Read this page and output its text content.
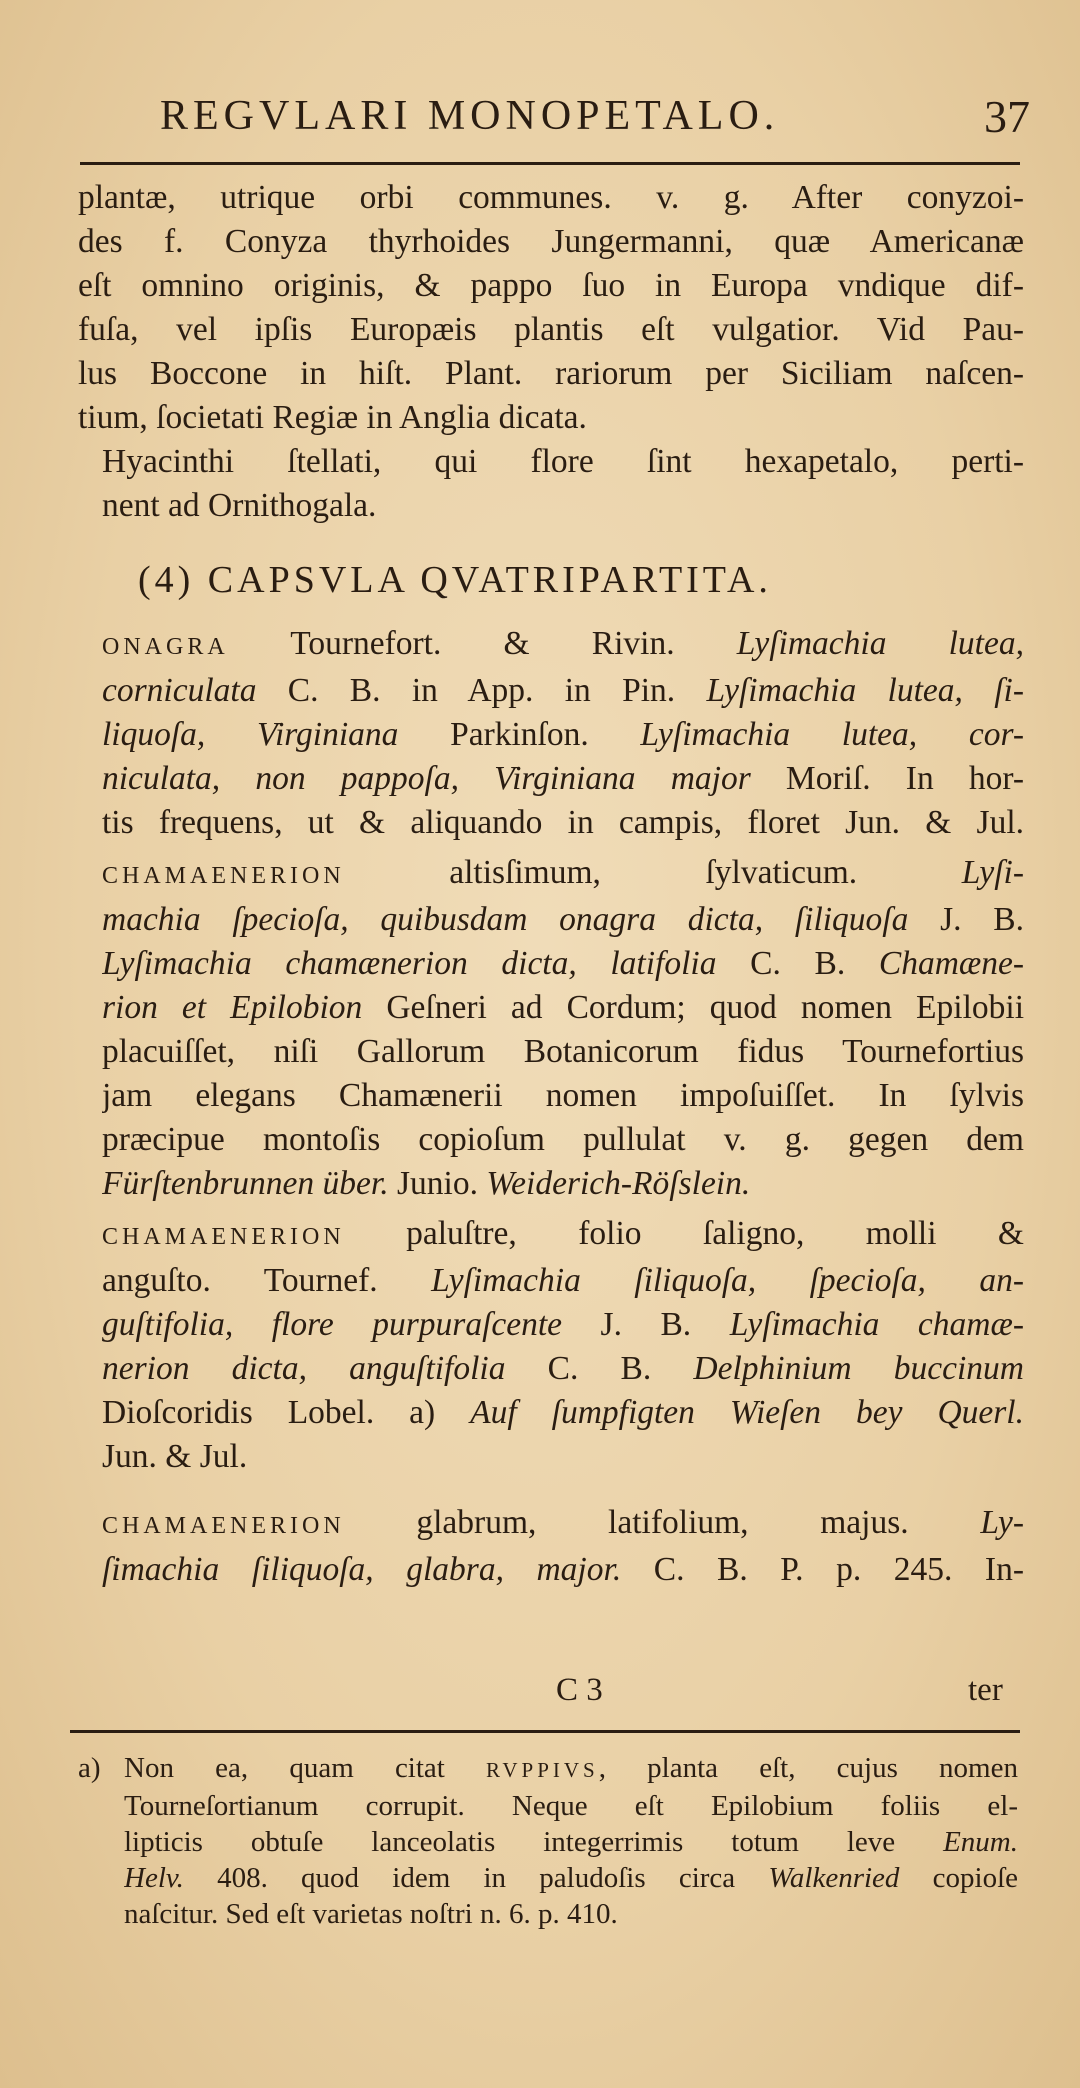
REGVLARI MONOPETALO.	37

plantæ, utrique orbi communes. v. g. After conyzoi-
des f. Conyza thyrhoides Jungermanni, quæ Americanæ
eſt omnino originis, & pappo ſuo in Europa vndique dif-
fuſa, vel ipſis Europæis plantis eſt vulgatior. Vid Pau-
lus Boccone in hiſt. Plant. rariorum per Siciliam naſcen-
tium, ſocietati Regiæ in Anglia dicata.

Hyacinthi ſtellati, qui flore ſint hexapetalo, perti-
nent ad Ornithogala.

(4) CAPSVLA QVATRIPARTITA.
ONAGRA Tournefort. & Rivin. Lyſimachia lutea,
corniculata C. B. in App. in Pin. Lyſimachia lutea, ſi-
liquoſa, Virginiana Parkinſon. Lyſimachia lutea, cor-
niculata, non pappoſa, Virginiana major Moriſ. In hor-
tis frequens, ut & aliquando in campis, floret Jun. & Jul.
CHAMAENERION altisſimum, ſylvaticum. Lyſi-
machia ſpecioſa, quibusdam onagra dicta, ſiliquoſa J. B.
Lyſimachia chamænerion dicta, latifolia C. B. Chamæne-
rion et Epilobion Geſneri ad Cordum; quod nomen Epilobii
placuiſſet, niſi Gallorum Botanicorum fidus Tournefortius
jam elegans Chamænerii nomen impoſuiſſet. In ſylvis
præcipue montoſis copioſum pullulat v. g. gegen dem
Fürſtenbrunnen über. Junio. Weiderich-Röſslein.
CHAMAENERION paluſtre, folio ſaligno, molli &
anguſto. Tournef. Lyſimachia ſiliquoſa, ſpecioſa, an-
guſtifolia, flore purpuraſcente J. B. Lyſimachia chamæ-
nerion dicta, anguſtifolia C. B. Delphinium buccinum
Dioſcoridis Lobel. a) Auf ſumpfigten Wieſen bey Querl.
Jun. & Jul.
CHAMAENERION glabrum, latifolium, majus. Ly-
ſimachia ſiliquoſa, glabra, major. C. B. P. p. 245. In-
C 3	ter
a) Non ea, quam citat RVPPIVS, planta eſt, cujus nomen
Tourneſortianum corrupit. Neque eſt Epilobium foliis el-
lipticis obtuſe lanceolatis integerrimis totum leve Enum.
Helv. 408. quod idem in paludoſis circa Walkenried copioſe
naſcitur. Sed eſt varietas noſtri n. 6. p. 410.
